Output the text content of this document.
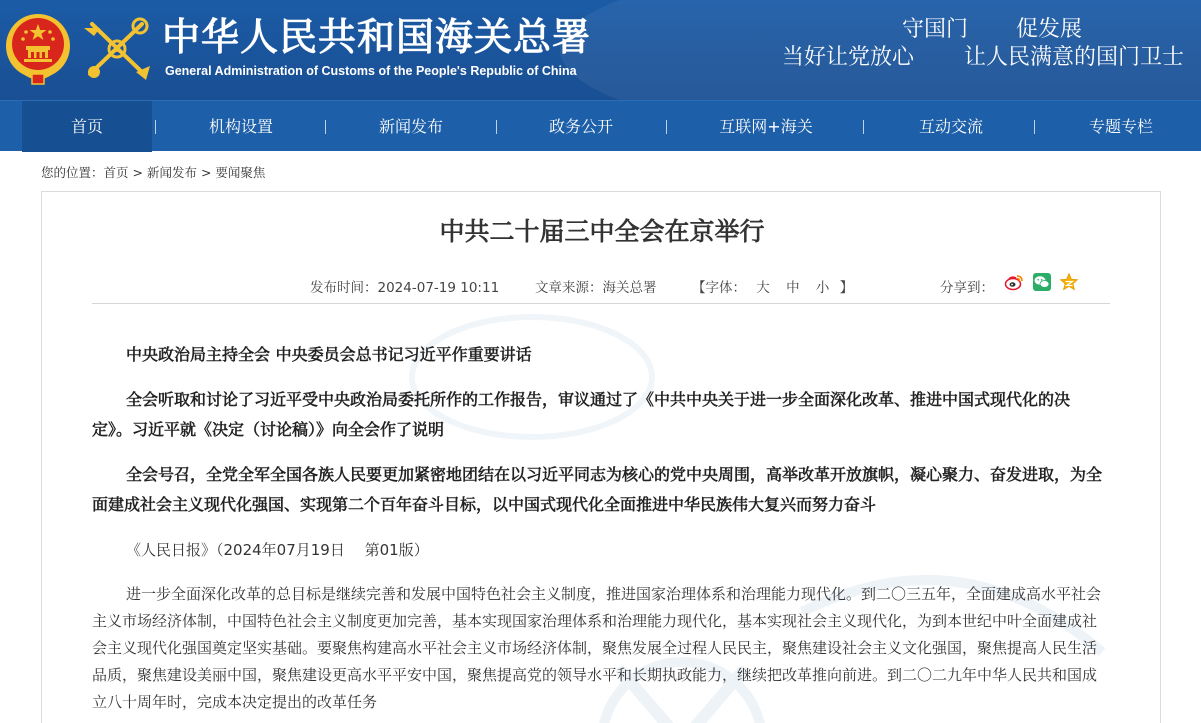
中华人民共和国海关总署
General Administration of Customs of the People's Republic of China
守国门 促发展
当好让党放心 让人民满意的国门卫士
首页	机构设置	新闻发布	政务公开	互联网+海关	互动交流	专题专栏
您的位置：首页 > 新闻发布 > 要闻聚焦
中共二十届三中全会在京举行
发布时间：2024-07-19 10:11	文章来源：海关总署	【字体： 大 中 小 】	分享到：

中央政治局主持全会 中央委员会总书记习近平作重要讲话

全会听取和讨论了习近平受中央政治局委托所作的工作报告，审议通过了《中共中央关于进一步全面深化改革、推进中国式现代化的决定》。习近平就《决定（讨论稿）》向全会作了说明

全会号召，全党全军全国各族人民要更加紧密地团结在以习近平同志为核心的党中央周围，高举改革开放旗帜，凝心聚力、奋发进取，为全面建成社会主义现代化强国、实现第二个百年奋斗目标，以中国式现代化全面推进中华民族伟大复兴而努力奋斗

《人民日报》（2024年07月19日　 第01版）

进一步全面深化改革的总目标是继续完善和发展中国特色社会主义制度，推进国家治理体系和治理能力现代化。到二〇三五年，全面建成高水平社会主义市场经济体制，中国特色社会主义制度更加完善，基本实现国家治理体系和治理能力现代化，基本实现社会主义现代化，为到本世纪中叶全面建成社会主义现代化强国奠定坚实基础。要聚焦构建高水平社会主义市场经济体制，聚焦发展全过程人民民主，聚焦建设社会主义文化强国，聚焦提高人民生活品质，聚焦建设美丽中国，聚焦建设更高水平平安中国，聚焦提高党的领导水平和长期执政能力，继续把改革推向前进。到二〇二九年中华人民共和国成立八十周年时，完成本决定提出的改革任务
